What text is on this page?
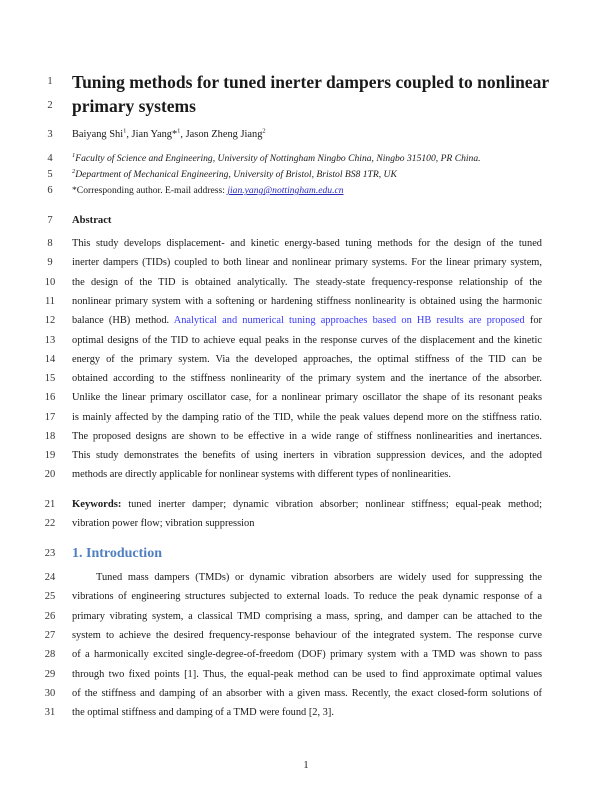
1
2
3
4
5
6
7
8
9
10
11
12
13
14
15
16
17
18
19
20
21
22
23
24
25
26
27
28
29
30
31
Tuning methods for tuned inerter dampers coupled to nonlinear
primary systems
Baiyang Shi$^1$, Jian Yang*$^1$, Jason Zheng Jiang$^2$
$^1$Faculty of Science and Engineering, University of Nottingham Ningbo China, Ningbo 315100, PR China.
$^2$Department of Mechanical Engineering, University of Bristol, Bristol BS8 1TR, UK
*Corresponding author. E-mail address: jian.yang@nottingham.edu.cn
Abstract
This study develops displacement- and kinetic energy-based tuning methods for the design of the tuned
inerter dampers (TIDs) coupled to both linear and nonlinear primary systems. For the linear primary system,
the design of the TID is obtained analytically. The steady-state frequency-response relationship of the
nonlinear primary system with a softening or hardening stiffness nonlinearity is obtained using the harmonic
balance (HB) method. Analytical and numerical tuning approaches based on HB results are proposed for
optimal designs of the TID to achieve equal peaks in the response curves of the displacement and the kinetic
energy of the primary system. Via the developed approaches, the optimal stiffness of the TID can be
obtained according to the stiffness nonlinearity of the primary system and the inertance of the absorber.
Unlike the linear primary oscillator case, for a nonlinear primary oscillator the shape of its resonant peaks
is mainly affected by the damping ratio of the TID, while the peak values depend more on the stiffness ratio.
The proposed designs are shown to be effective in a wide range of stiffness nonlinearities and inertances.
This study demonstrates the benefits of using inerters in vibration suppression devices, and the adopted
methods are directly applicable for nonlinear systems with different types of nonlinearities.
Keywords: tuned inerter damper; dynamic vibration absorber; nonlinear stiffness; equal-peak method;
vibration power flow; vibration suppression
1. Introduction
Tuned mass dampers (TMDs) or dynamic vibration absorbers are widely used for suppressing the
vibrations of engineering structures subjected to external loads. To reduce the peak dynamic response of a
primary vibrating system, a classical TMD comprising a mass, spring, and damper can be attached to the
system to achieve the desired frequency-response behaviour of the integrated system. The response curve
of a harmonically excited single-degree-of-freedom (DOF) primary system with a TMD was shown to pass
through two fixed points [1]. Thus, the equal-peak method can be used to find approximate optimal values
of the stiffness and damping of an absorber with a given mass. Recently, the exact closed-form solutions of
the optimal stiffness and damping of a TMD were found [2, 3].
1
